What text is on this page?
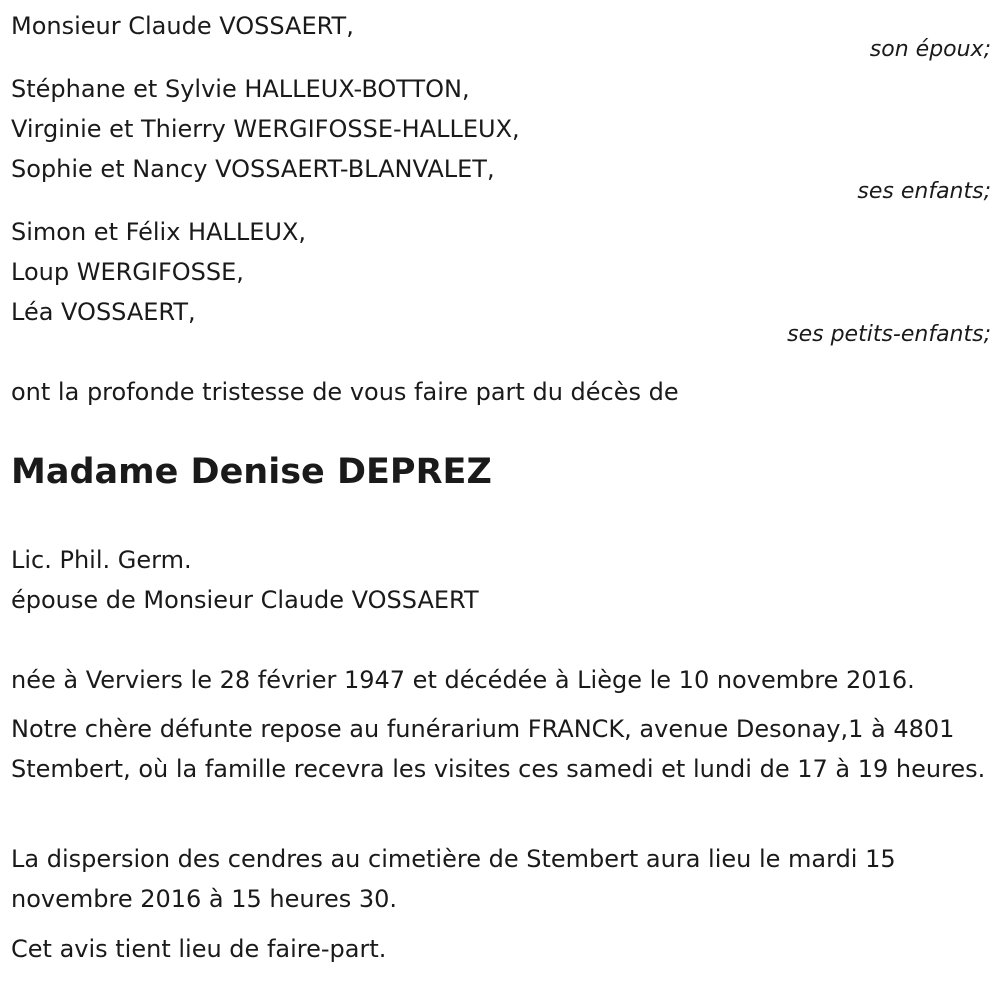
Monsieur Claude VOSSAERT,
son époux;
Stéphane et Sylvie HALLEUX-BOTTON,
Virginie et Thierry WERGIFOSSE-HALLEUX,
Sophie et Nancy VOSSAERT-BLANVALET,
ses enfants;
Simon et Félix HALLEUX,
Loup WERGIFOSSE,
Léa VOSSAERT,
ses petits-enfants;
ont la profonde tristesse de vous faire part du décès de
Madame Denise DEPREZ
Lic. Phil. Germ.
épouse de Monsieur Claude VOSSAERT
née à Verviers le 28 février 1947 et décédée à Liège le 10 novembre 2016.
Notre chère défunte repose au funérarium FRANCK, avenue Desonay,1 à 4801 Stembert, où la famille recevra les visites ces samedi et lundi de 17 à 19 heures.
La dispersion des cendres au cimetière de Stembert aura lieu le mardi 15 novembre 2016 à 15 heures 30.
Cet avis tient lieu de faire-part.
